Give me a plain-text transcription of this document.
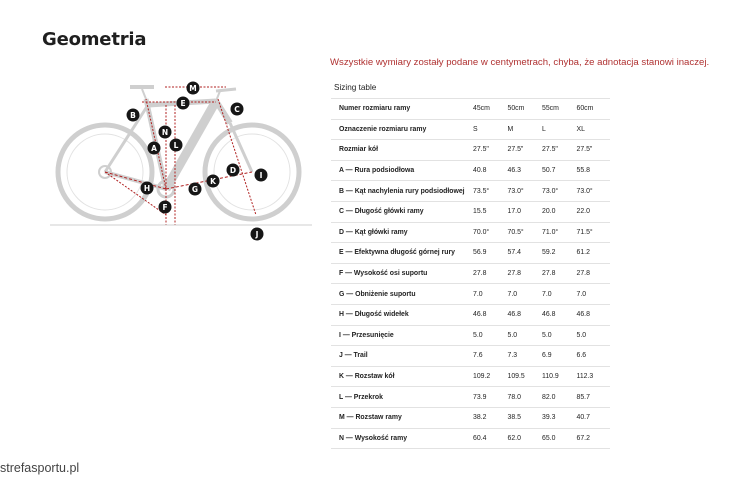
Geometria
Wszystkie wymiary zostały podane w centymetrach, chyba, że adnotacja stanowi inaczej.
M
E
C
B
N
A L
D
I
K
H	G
F
J
Sizing table
Numer rozmiaru ramy	45cm	50cm	55cm	60cm
Oznaczenie rozmiaru ramy	S	M	L	XL
Rozmiar kół	27.5"	27.5"	27.5"	27.5"
A — Rura podsiodłowa	40.8	46.3	50.7	55.8
B — Kąt nachylenia rury podsiodłowej	73.5°	73.0°	73.0°	73.0°
C — Długość główki ramy	15.5	17.0	20.0	22.0
D — Kąt główki ramy	70.0°	70.5°	71.0°	71.5°
E — Efektywna długość górnej rury	56.9	57.4	59.2	61.2
F — Wysokość osi suportu	27.8	27.8	27.8	27.8
G — Obniżenie suportu	7.0	7.0	7.0	7.0
H — Długość widełek	46.8	46.8	46.8	46.8
I — Przesunięcie	5.0	5.0	5.0	5.0
J — Trail	7.6	7.3	6.9	6.6
K — Rozstaw kół	109.2	109.5	110.9	112.3
L — Przekrok	73.9	78.0	82.0	85.7
M — Rozstaw ramy	38.2	38.5	39.3	40.7
N — Wysokość ramy	60.4	62.0	65.0	67.2
strefasportu.pl
